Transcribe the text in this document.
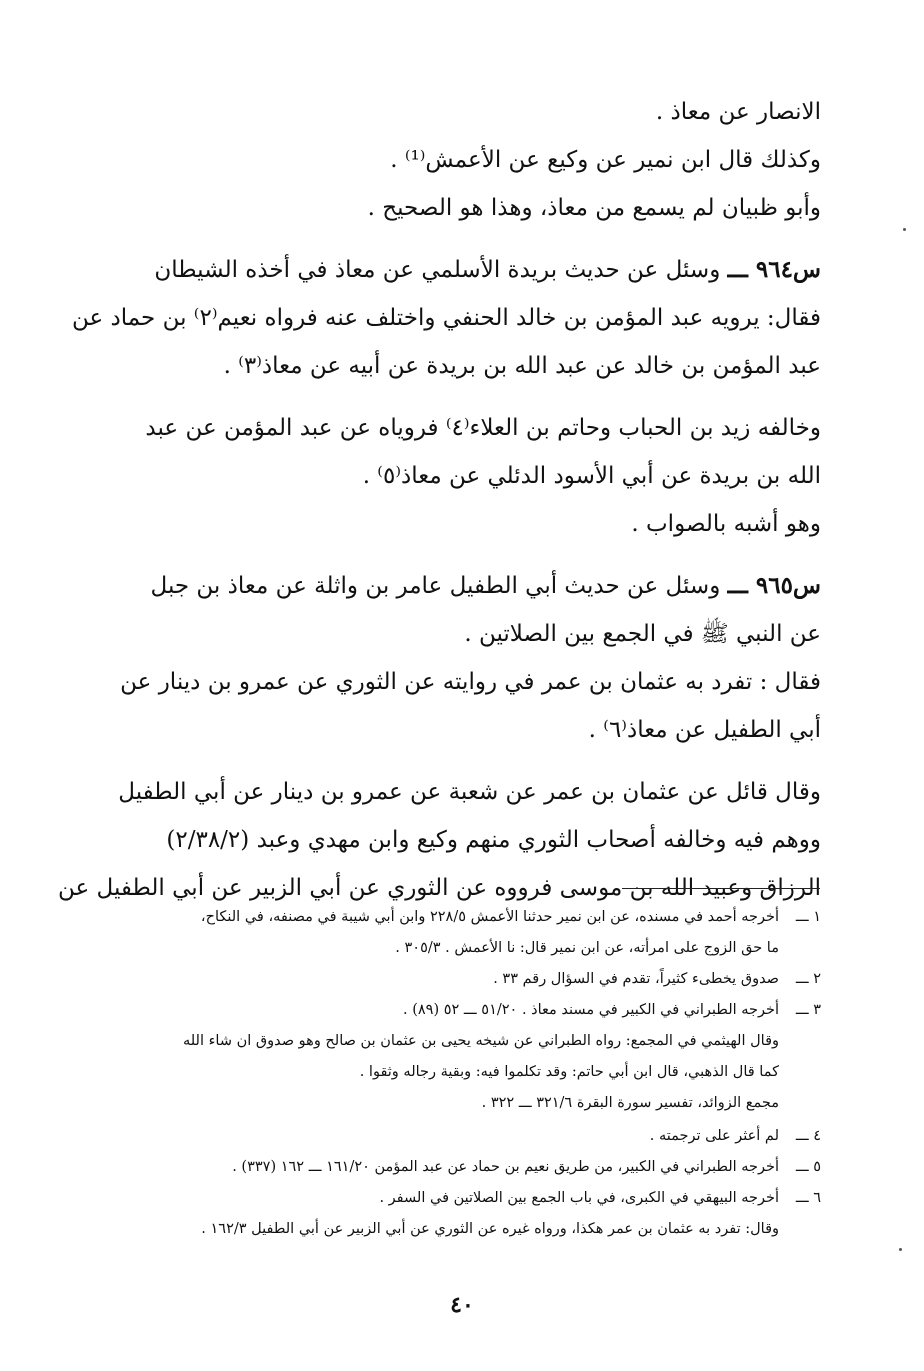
الانصار عن معاذ .
وكذلك قال ابن نمير عن وكيع عن الأعمش⁽¹⁾ .
وأبو ظبيان لم يسمع من معاذ، وهذا هو الصحيح .
س٩٦٤ ـــ وسئل عن حديث بريدة الأسلمي عن معاذ في أخذه الشيطان
فقال: يرويه عبد المؤمن بن خالد الحنفي واختلف عنه فرواه نعيم⁽٢⁾ بن حماد عن
عبد المؤمن بن خالد عن عبد الله بن بريدة عن أبيه عن معاذ⁽٣⁾ .
وخالفه زيد بن الحباب وحاتم بن العلاء⁽٤⁾ فروياه عن عبد المؤمن عن عبد
الله بن بريدة عن أبي الأسود الدئلي عن معاذ⁽٥⁾ .
وهو أشبه بالصواب .
س٩٦٥ ـــ وسئل عن حديث أبي الطفيل عامر بن واثلة عن معاذ بن جبل
عن النبي ﷺ في الجمع بين الصلاتين .
فقال : تفرد به عثمان بن عمر في روايته عن الثوري عن عمرو بن دينار عن
أبي الطفيل عن معاذ⁽٦⁾ .
وقال قائل عن عثمان بن عمر عن شعبة عن عمرو بن دينار عن أبي الطفيل
ووهم فيه وخالفه أصحاب الثوري منهم وكيع وابن مهدي وعبد (٢/٣٨/٢)
الرزاق وعبيد الله بن موسى فرووه عن الثوري عن أبي الزبير عن أبي الطفيل عن
١ ـــأخرجه أحمد في مسنده، عن ابن نمير حدثنا الأعمش ٢٢٨/٥ وابن أبي شيبة في مصنفه، في النكاح،
ما حق الزوج على امرأته، عن ابن نمير قال: نا الأعمش . ٣٠٥/٣ .
٢ ـــصدوق يخطىء كثيراً، تقدم في السؤال رقم ٣٣ .
٣ ـــأخرجه الطبراني في الكبير في مسند معاذ . ٥١/٢٠ ـــ ٥٢ (٨٩) .
وقال الهيثمي في المجمع: رواه الطبراني عن شيخه يحيى بن عثمان بن صالح وهو صدوق ان شاء الله
كما قال الذهبي، قال ابن أبي حاتم: وقد تكلموا فيه: وبقية رجاله وثقوا .
مجمع الزوائد، تفسير سورة البقرة ٣٢١/٦ ـــ ٣٢٢ .
٤ ـــلم أعثر على ترجمته .
٥ ـــأخرجه الطبراني في الكبير، من طريق نعيم بن حماد عن عبد المؤمن ١٦١/٢٠ ـــ ١٦٢ (٣٣٧) .
٦ ـــأخرجه البيهقي في الكبرى، في باب الجمع بين الصلاتين في السفر .
وقال: تفرد به عثمان بن عمر هكذا، ورواه غيره عن الثوري عن أبي الزبير عن أبي الطفيل ١٦٢/٣ .
٤٠
